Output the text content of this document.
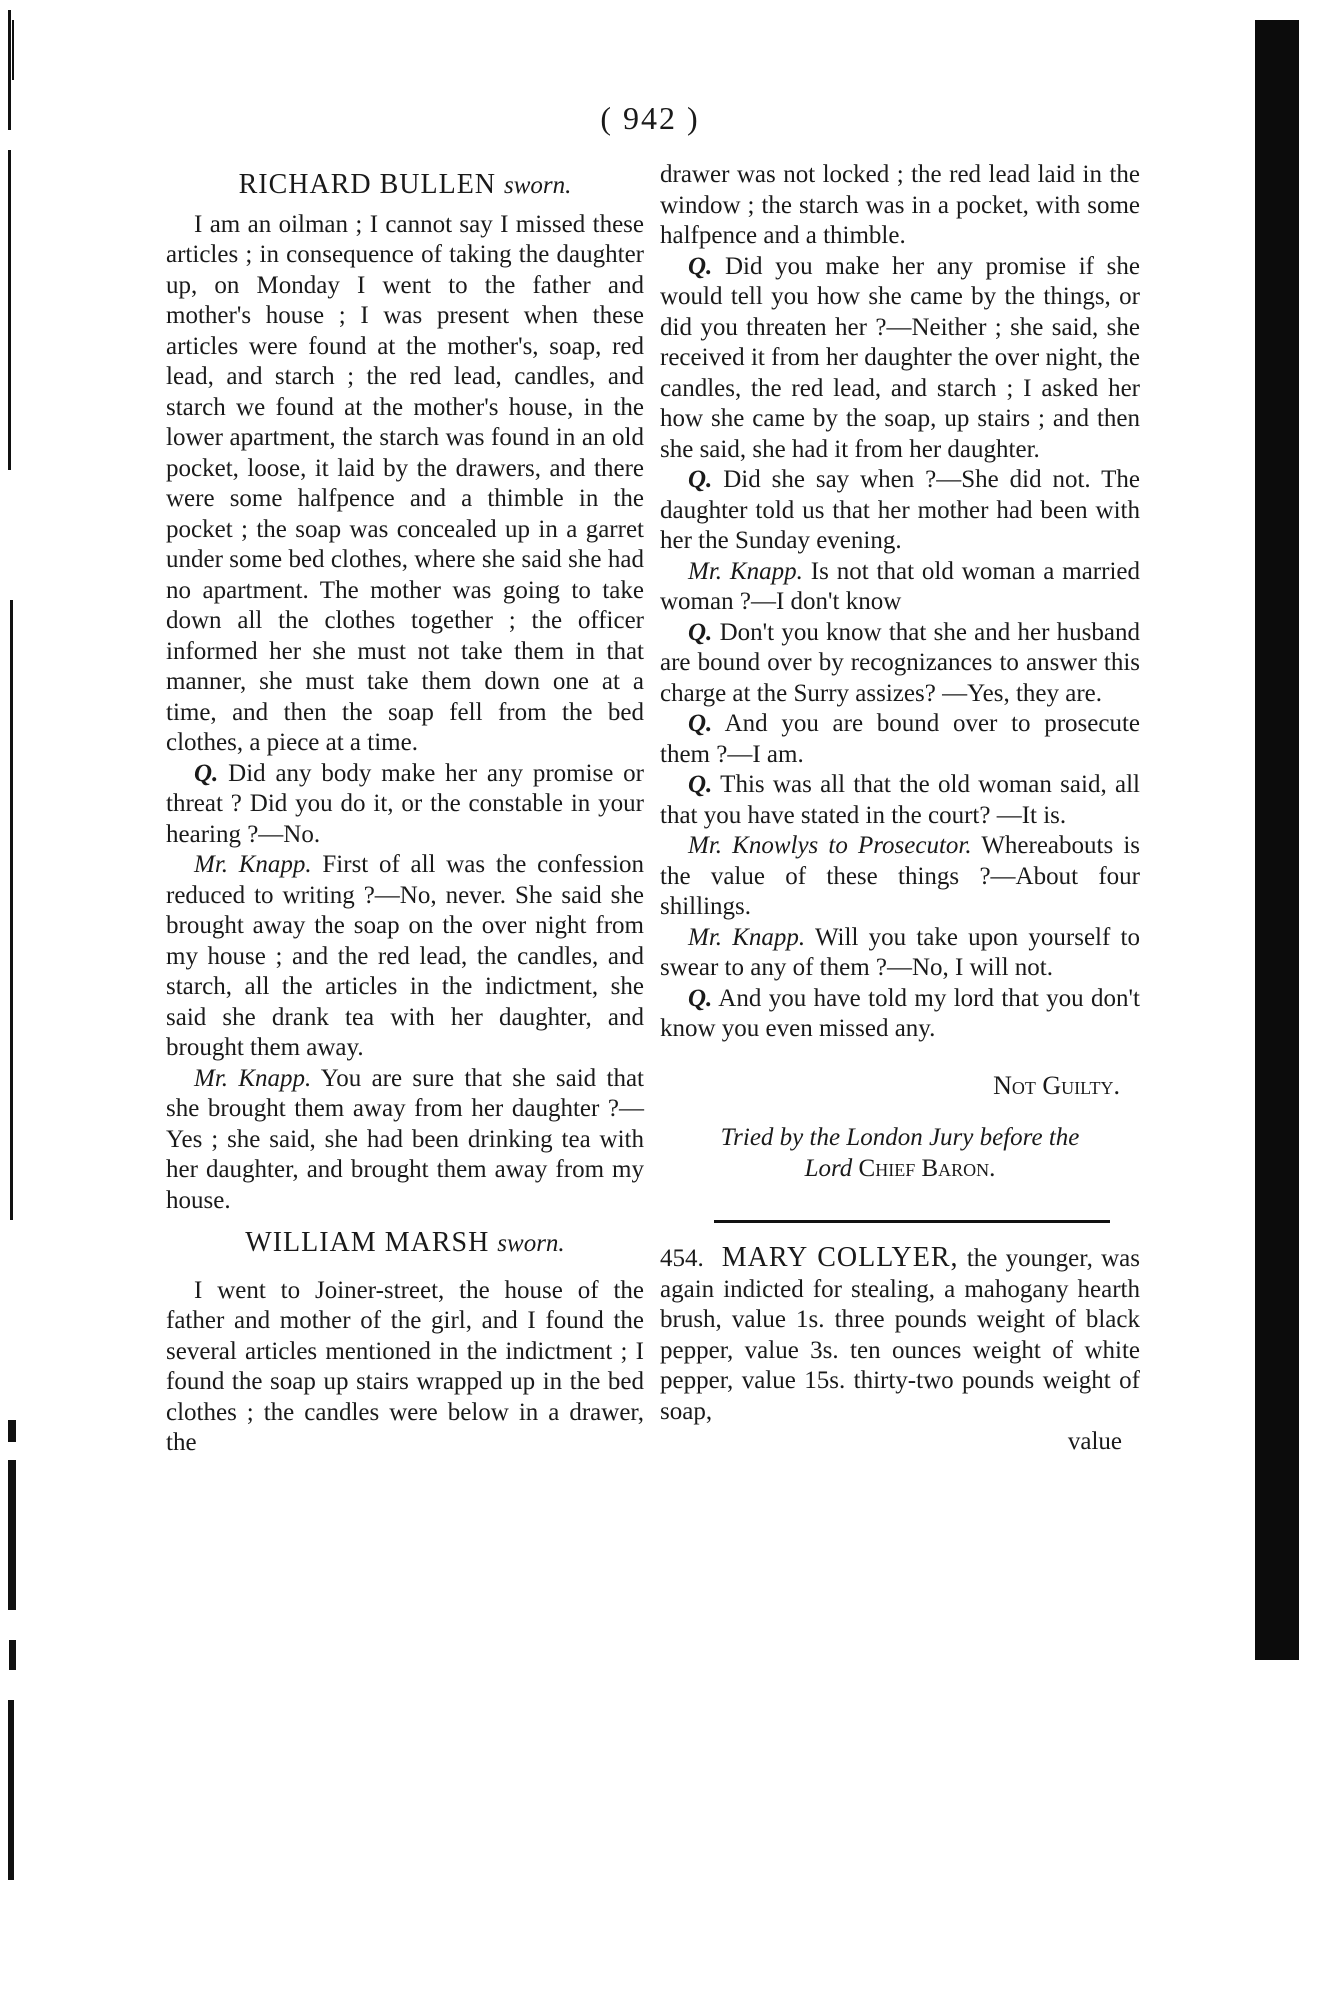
( 942 )

RICHARD BULLEN sworn.

I am an oilman ; I cannot say I missed these articles ; in consequence of taking the daughter up, on Monday I went to the father and mother's house ; I was present when these articles were found at the mother's, soap, red lead, and starch ; the red lead, candles, and starch we found at the mother's house, in the lower apartment, the starch was found in an old pocket, loose, it laid by the drawers, and there were some halfpence and a thimble in the pocket ; the soap was concealed up in a garret under some bed clothes, where she said she had no apartment. The mother was going to take down all the clothes together ; the officer informed her she must not take them in that manner, she must take them down one at a time, and then the soap fell from the bed clothes, a piece at a time.

Q. Did any body make her any promise or threat ? Did you do it, or the constable in your hearing ?—No.

Mr. Knapp. First of all was the confession reduced to writing ?—No, never. She said she brought away the soap on the over night from my house ; and the red lead, the candles, and starch, all the articles in the indictment, she said she drank tea with her daughter, and brought them away.

Mr. Knapp. You are sure that she said that she brought them away from her daughter ?—Yes ; she said, she had been drinking tea with her daughter, and brought them away from my house.

WILLIAM MARSH sworn.

I went to Joiner-street, the house of the father and mother of the girl, and I found the several articles mentioned in the indictment ; I found the soap up stairs wrapped up in the bed clothes ; the candles were below in a drawer, the

drawer was not locked ; the red lead laid in the window ; the starch was in a pocket, with some halfpence and a thimble.

Q. Did you make her any promise if she would tell you how she came by the things, or did you threaten her ?—Neither ; she said, she received it from her daughter the over night, the candles, the red lead, and starch ; I asked her how she came by the soap, up stairs ; and then she said, she had it from her daughter.

Q. Did she say when ?—She did not. The daughter told us that her mother had been with her the Sunday evening.

Mr. Knapp. Is not that old woman a married woman ?—I don't know

Q. Don't you know that she and her husband are bound over by recognizances to answer this charge at the Surry assizes? —Yes, they are.

Q. And you are bound over to prosecute them ?—I am.

Q. This was all that the old woman said, all that you have stated in the court? —It is.

Mr. Knowlys to Prosecutor. Whereabouts is the value of these things ?—About four shillings.

Mr. Knapp. Will you take upon yourself to swear to any of them ?—No, I will not.

Q. And you have told my lord that you don't know you even missed any.

Not Guilty.

Tried by the London Jury before the
Lord Chief Baron.

454. MARY COLLYER, the younger, was again indicted for stealing, a mahogany hearth brush, value 1s. three pounds weight of black pepper, value 3s. ten ounces weight of white pepper, value 15s. thirty-two pounds weight of soap,

value
